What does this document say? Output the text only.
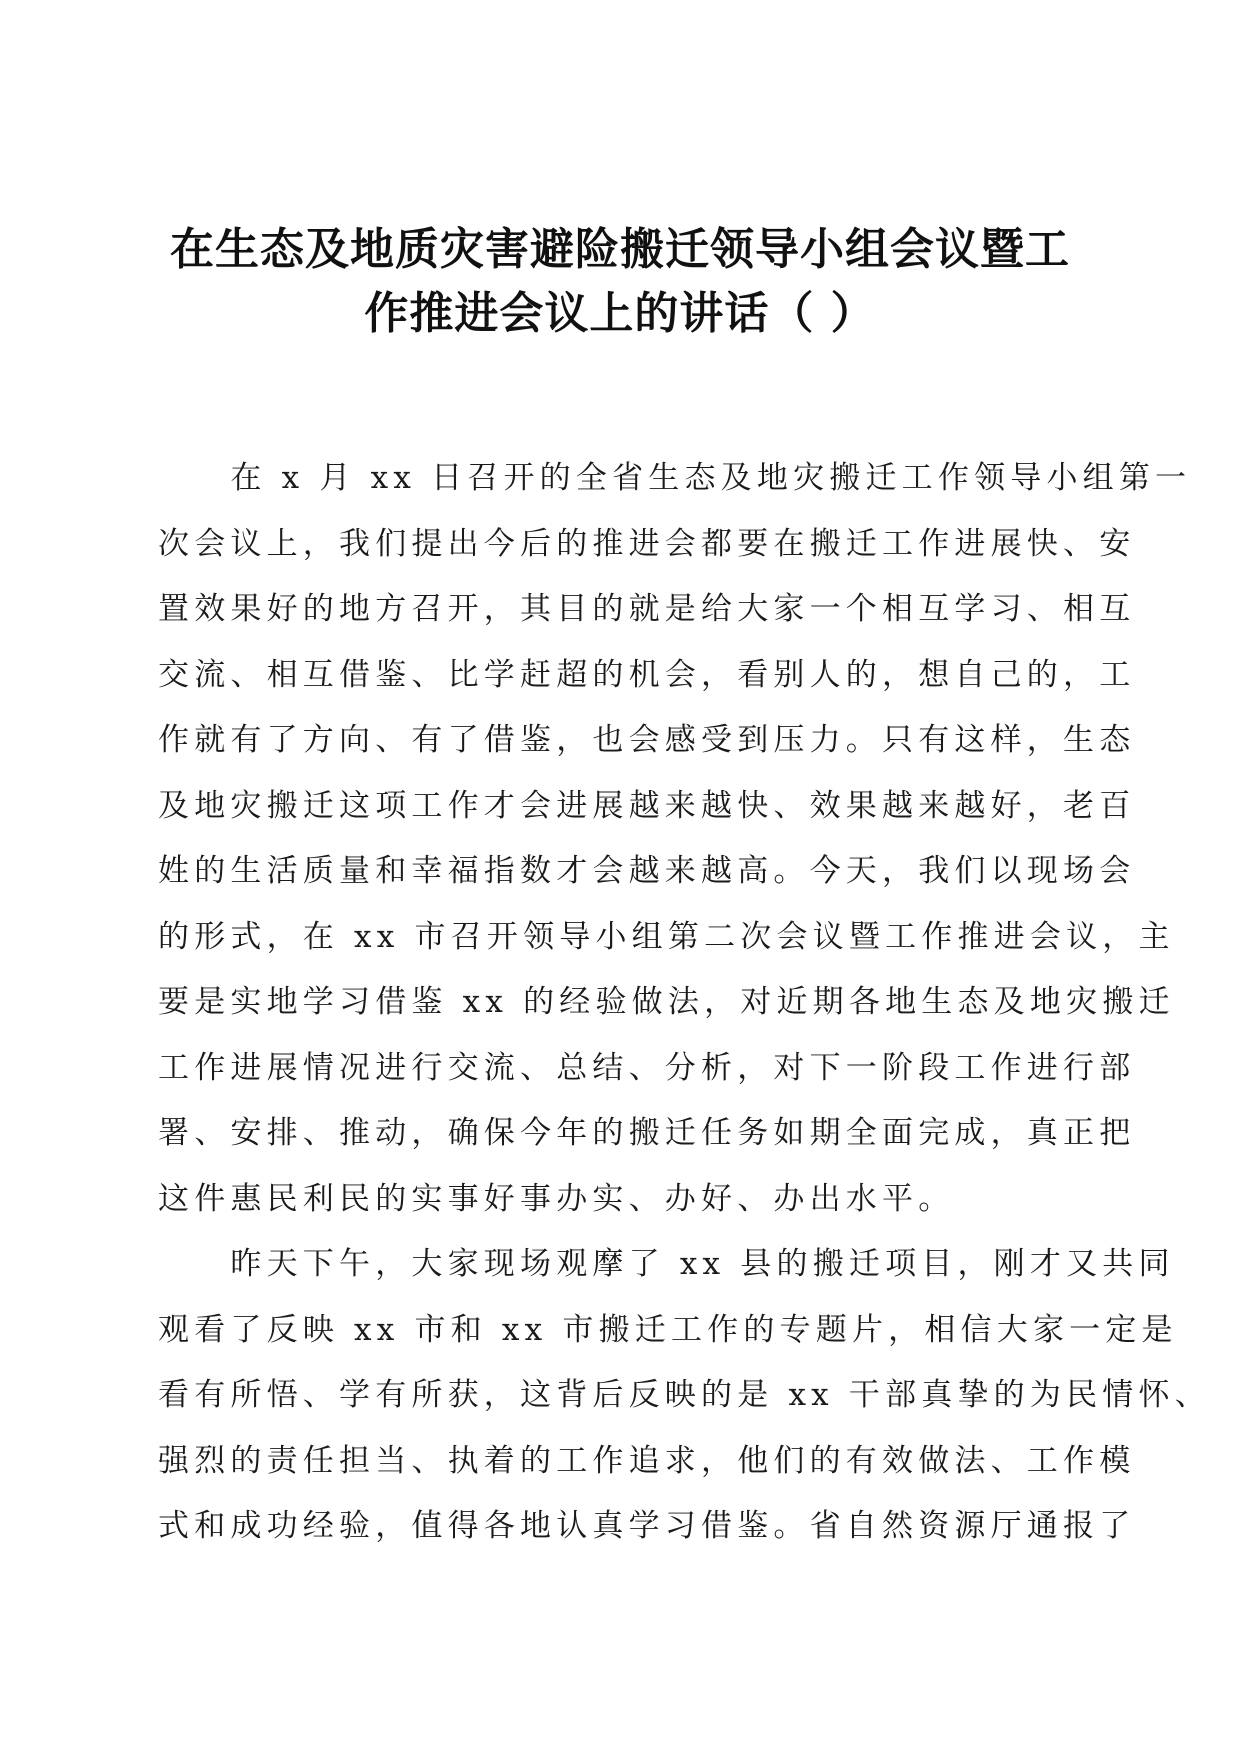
在生态及地质灾害避险搬迁领导小组会议暨工
作推进会议上的讲话（ ）
　　在 x 月 xx 日召开的全省生态及地灾搬迁工作领导小组第一
次会议上，我们提出今后的推进会都要在搬迁工作进展快、安
置效果好的地方召开，其目的就是给大家一个相互学习、相互
交流、相互借鉴、比学赶超的机会，看别人的，想自己的，工
作就有了方向、有了借鉴，也会感受到压力。只有这样，生态
及地灾搬迁这项工作才会进展越来越快、效果越来越好，老百
姓的生活质量和幸福指数才会越来越高。今天，我们以现场会
的形式，在 xx 市召开领导小组第二次会议暨工作推进会议，主
要是实地学习借鉴 xx 的经验做法，对近期各地生态及地灾搬迁
工作进展情况进行交流、总结、分析，对下一阶段工作进行部
署、安排、推动，确保今年的搬迁任务如期全面完成，真正把
这件惠民利民的实事好事办实、办好、办出水平。
　　昨天下午，大家现场观摩了 xx 县的搬迁项目，刚才又共同
观看了反映 xx 市和 xx 市搬迁工作的专题片，相信大家一定是
看有所悟、学有所获，这背后反映的是 xx 干部真挚的为民情怀、
强烈的责任担当、执着的工作追求，他们的有效做法、工作模
式和成功经验，值得各地认真学习借鉴。省自然资源厅通报了
